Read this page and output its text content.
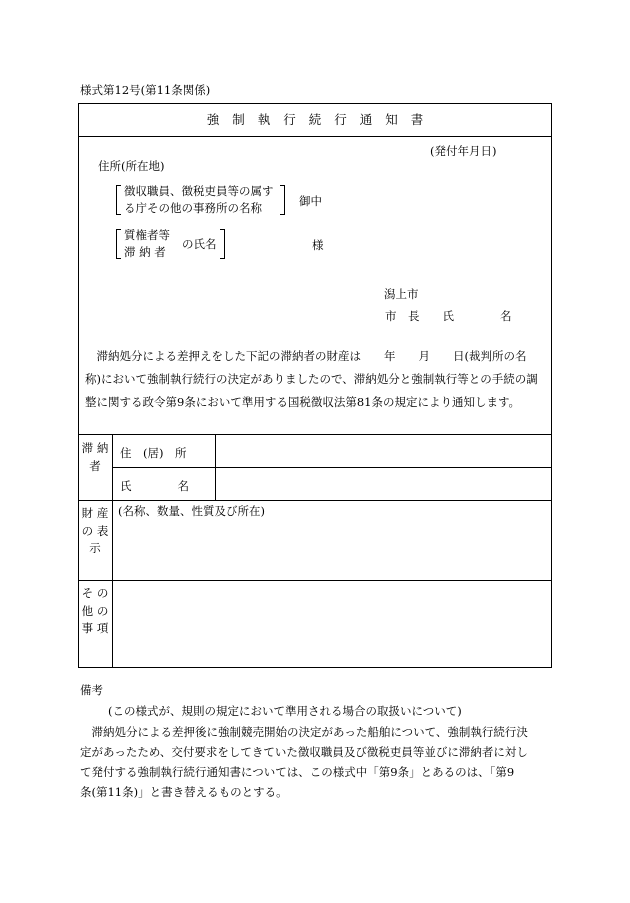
様式第12号(第11条関係)
強制執行続行通知書
(発付年月日)
住所(所在地)
徴収職員、徴税吏員等の属す
る庁その他の事務所の名称	御中
質権者等
滞 納 者
の氏名	様
潟上市
市　長　　氏　　　　名

　滞納処分による差押えをした下記の滞納者の財産は　　年　　月　　日(裁判所の名

称)において強制執行続行の決定がありましたので、滞納処分と強制執行等との手続の調

整に関する政令第9条において準用する国税徴収法第81条の規定により通知します。

滞 納 者
住　(居)　所
氏　　　　名
財 産 の 表 示
(名称、数量、性質及び所在)
そ の 他 の 事 項
備考
(この様式が、規則の規定において準用される場合の取扱いについて)

　滞納処分による差押後に強制競売開始の決定があった船舶について、強制執行続行決

定があったため、交付要求をしてきていた徴収職員及び徴税吏員等並びに滞納者に対し

て発付する強制執行続行通知書については、この様式中「第9条」とあるのは、「第9

条(第11条)」と書き替えるものとする。
